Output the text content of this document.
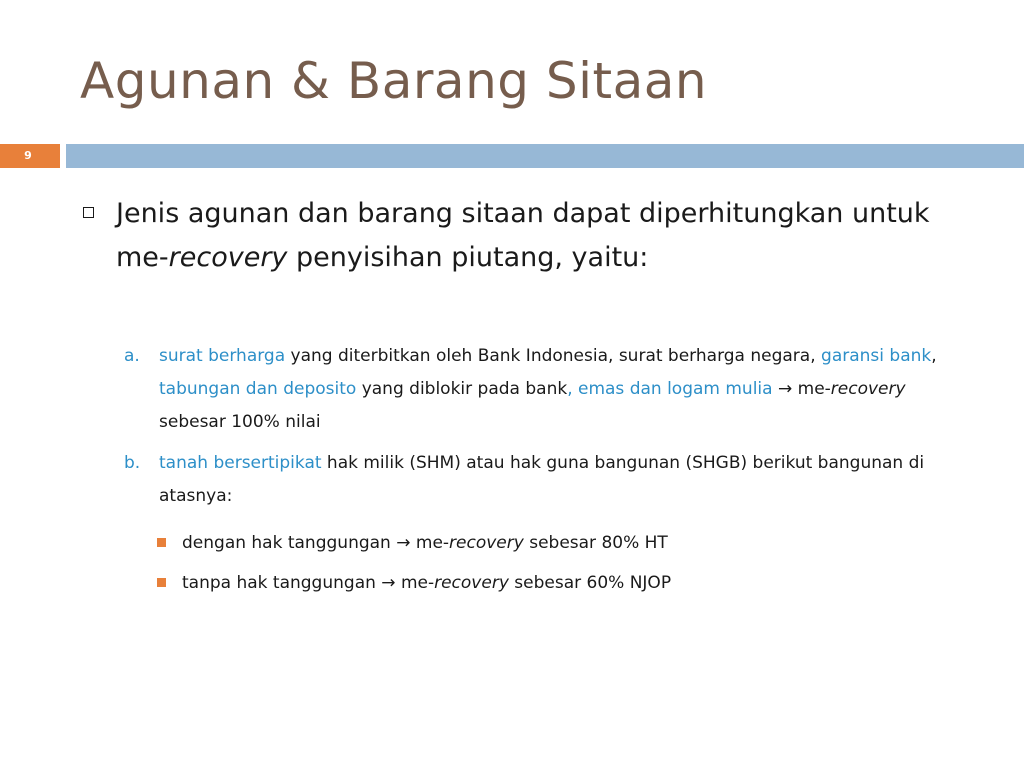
Agunan & Barang Sitaan
9
Jenis agunan dan barang sitaan dapat diperhitungkan untuk me-recovery penyisihan piutang, yaitu:
a. surat berharga yang diterbitkan oleh Bank Indonesia, surat berharga negara, garansi bank, tabungan dan deposito yang diblokir pada bank, emas dan logam mulia → me-recovery sebesar 100% nilai
b. tanah bersertipikat hak milik (SHM) atau hak guna bangunan (SHGB) berikut bangunan di atasnya:
dengan hak tanggungan → me-recovery sebesar 80% HT
tanpa hak tanggungan → me-recovery sebesar 60% NJOP
